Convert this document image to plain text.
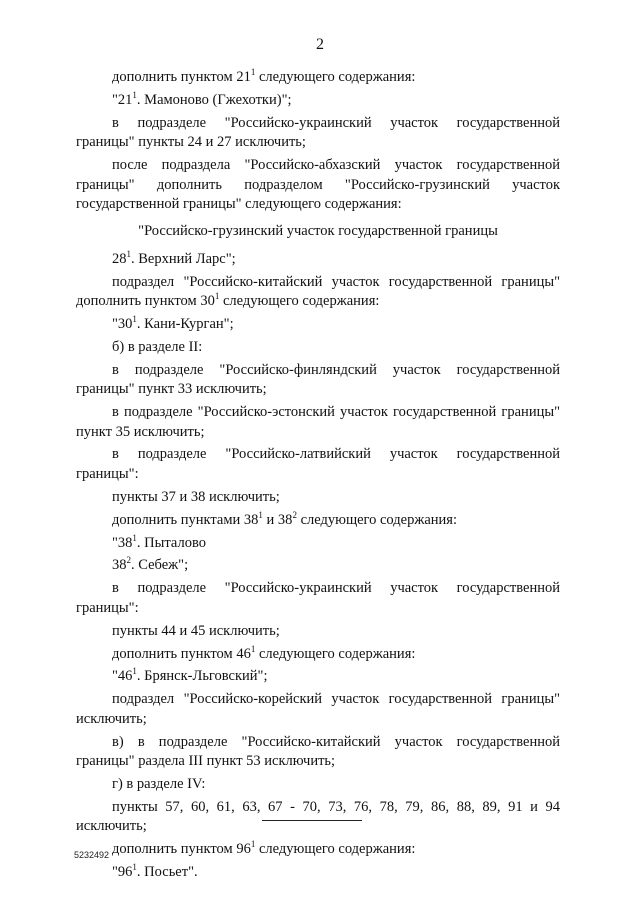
2

дополнить пунктом $21^1$ следующего содержания:

"$21^1$. Мамоново (Гжехотки)";

в подразделе "Российско-украинский участок государственной границы" пункты 24 и 27 исключить;

после подраздела "Российско-абхазский участок государственной границы" дополнить подразделом "Российско-грузинский участок государственной границы" следующего содержания:

"Российско-грузинский участок государственной границы

$28^1$. Верхний Ларс";

подраздел "Российско-китайский участок государственной границы" дополнить пунктом $30^1$ следующего содержания:

"$30^1$. Кани-Курган";

б) в разделе II:

в подразделе "Российско-финляндский участок государственной границы" пункт 33 исключить;

в подразделе "Российско-эстонский участок государственной границы" пункт 35 исключить;

в подразделе "Российско-латвийский участок государственной границы":

пункты 37 и 38 исключить;

дополнить пунктами $38^1$ и $38^2$ следующего содержания:

"$38^1$. Пыталово

$38^2$. Себеж";

в подразделе "Российско-украинский участок государственной границы":

пункты 44 и 45 исключить;

дополнить пунктом $46^1$ следующего содержания:

"$46^1$. Брянск-Льговский";

подраздел "Российско-корейский участок государственной границы" исключить;

в) в подразделе "Российско-китайский участок государственной границы" раздела III пункт 53 исключить;

г) в разделе IV:

пункты 57, 60, 61, 63, 67 - 70, 73, 76, 78, 79, 86, 88, 89, 91 и 94 исключить;

дополнить пунктом $96^1$ следующего содержания:

"$96^1$. Посьет".

5232492
